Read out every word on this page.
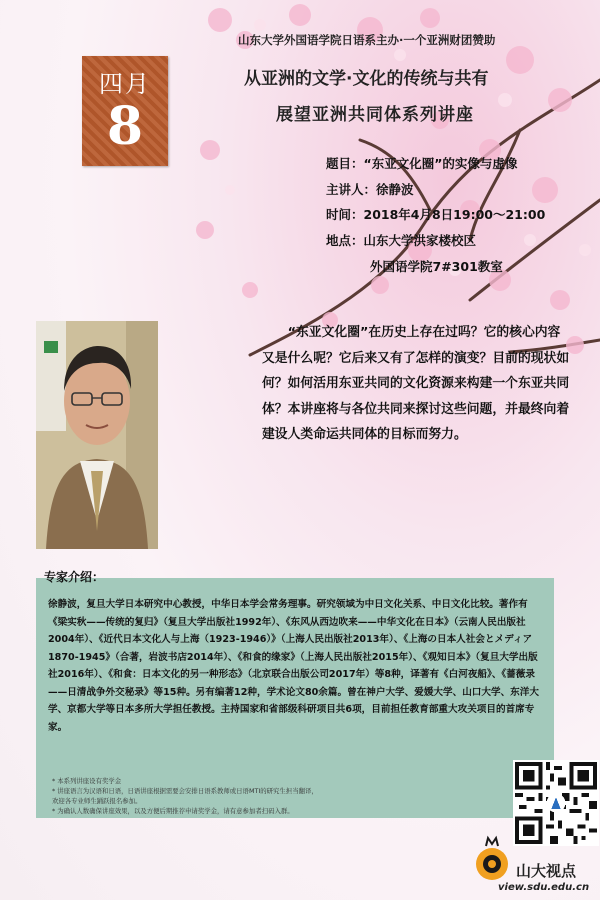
山东大学外国语学院日语系主办·一个亚洲财团赞助
四月
8
从亚洲的文学·文化的传统与共有
展望亚洲共同体系列讲座
题目：“东亚文化圈”的实像与虚像
主讲人：徐静波
时间：2018年4月8日19:00～21:00
地点：山东大学洪家楼校区
外国语学院7#301教室

“东亚文化圈”在历史上存在过吗？它的核心内容又是什么呢？它后来又有了怎样的演变？目前的现状如何？如何活用东亚共同的文化资源来构建一个东亚共同体？本讲座将与各位共同来探讨这些问题，并最终向着建设人类命运共同体的目标而努力。

徐静波，复旦大学日本研究中心教授，中华日本学会常务理事。研究领域为中日文化关系、中日文化比较。著作有《梁实秋——传统的复归》（复旦大学出版社1992年）、《东风从西边吹来——中华文化在日本》（云南人民出版社2004年）、《近代日本文化人与上海（1923-1946）》（上海人民出版社2013年）、《上海の日本人社会とメディア1870-1945》（合著，岩波书店2014年）、《和食的缘家》（上海人民出版社2015年）、《观知日本》（复旦大学出版社2016年）、《和食：日本文化的另一种形态》（北京联合出版公司2017年）等8种，译著有《白河夜船》、《蔷薇录——日清战争外交秘录》等15种。另有编著12种，学术论文80余篇。曾在神户大学、爱媛大学、山口大学、东洋大学、京都大学等日本多所大学担任教授。主持国家和省部级科研项目共6项，目前担任教育部重大攻关项目的首席专家。
专家介绍：
* 本系列讲座设有奖学金
* 讲座语言为汉语和日语，日语讲座根据需要会安排日语系教师或日语MTI的研究生担当翻译，
欢迎各专业师生踊跃报名参加。
* 为确认人数确保讲座效果，以及方便后期推荐申请奖学金，请有意参加者扫码入群。
山大视点
view.sdu.edu.cn
